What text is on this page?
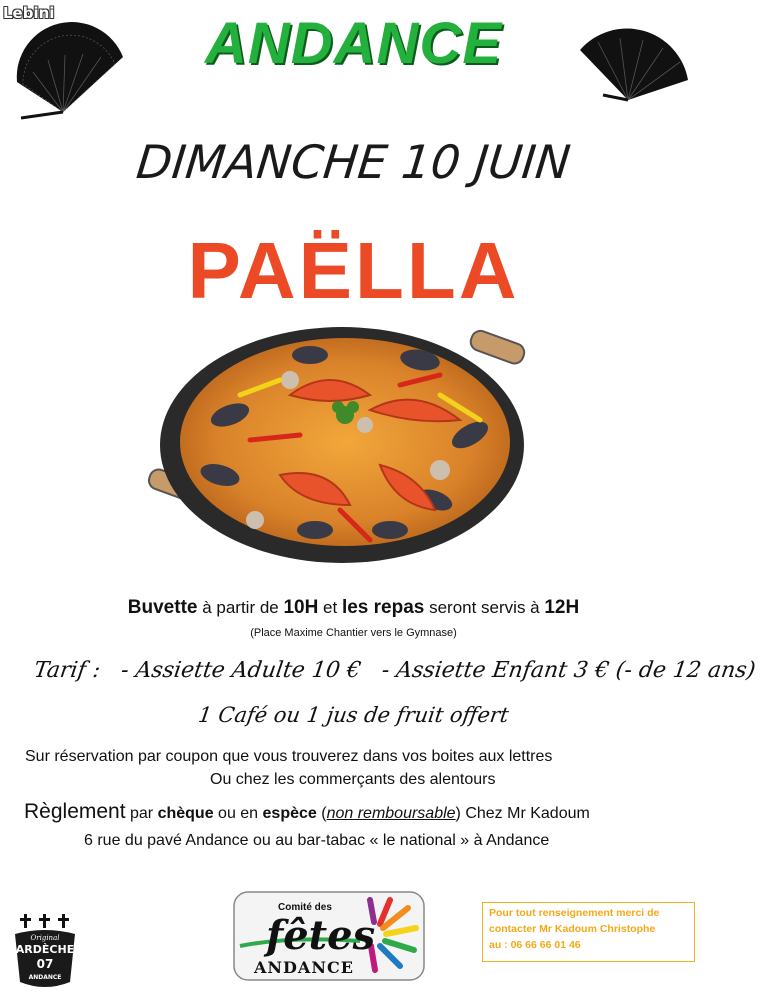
Lebini	ANDANCE
DIMANCHE 10 JUIN
PAËLLA
Buvette à partir de 10H et les repas seront servis à 12H
(Place Maxime Chantier vers le Gymnase)
Tarif : - Assiette Adulte 10 € - Assiette Enfant 3 € (- de 12 ans)
1 Café ou 1 jus de fruit offert
Sur réservation par coupon que vous trouverez dans vos boites aux lettres
Ou chez les commerçants des alentours
Règlement par chèque ou en espèce (non remboursable) Chez Mr Kadoum
6 rue du pavé Andance ou au bar-tabac « le national » à Andance
Original
ARDÈCHE
07
ANDANCE
Comité des
fêtes
ANDANCE
Pour tout renseignement merci de
contacter Mr Kadoum Christophe
au : 06 66 66 01 46
